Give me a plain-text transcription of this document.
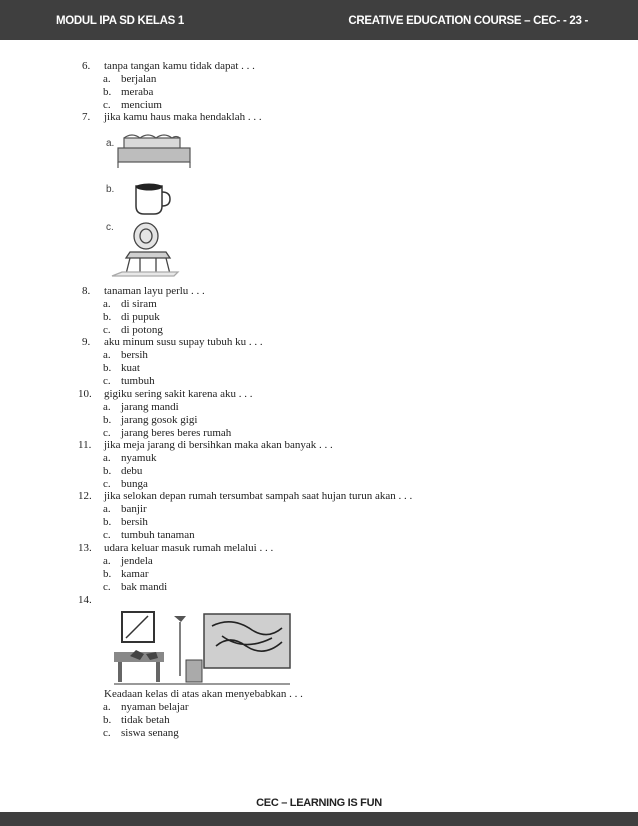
MODUL IPA SD KELAS 1	CREATIVE EDUCATION COURSE – CEC- - 23 -
6. tanpa tangan kamu tidak dapat . . .
a. berjalan
b. meraba
c. mencium
7. jika kamu haus maka hendaklah . . .
a.
b.
c.
8. tanaman layu perlu . . .
a. di siram
b. di pupuk
c. di potong
9. aku minum susu supay tubuh ku . . .
a. bersih
b. kuat
c. tumbuh
10. gigiku sering sakit karena aku . . .
a. jarang mandi
b. jarang gosok gigi
c. jarang beres beres rumah
11. jika meja jarang di bersihkan maka akan banyak . . .
a. nyamuk
b. debu
c. bunga
12. jika selokan depan rumah tersumbat sampah saat hujan turun akan . . .
a. banjir
b. bersih
c. tumbuh tanaman
13. udara keluar masuk rumah melalui . . .
a. jendela
b. kamar
c. bak mandi
14.
Keadaan kelas di atas akan menyebabkan . . .
a. nyaman belajar
b. tidak betah
c. siswa senang
CEC – LEARNING IS FUN
